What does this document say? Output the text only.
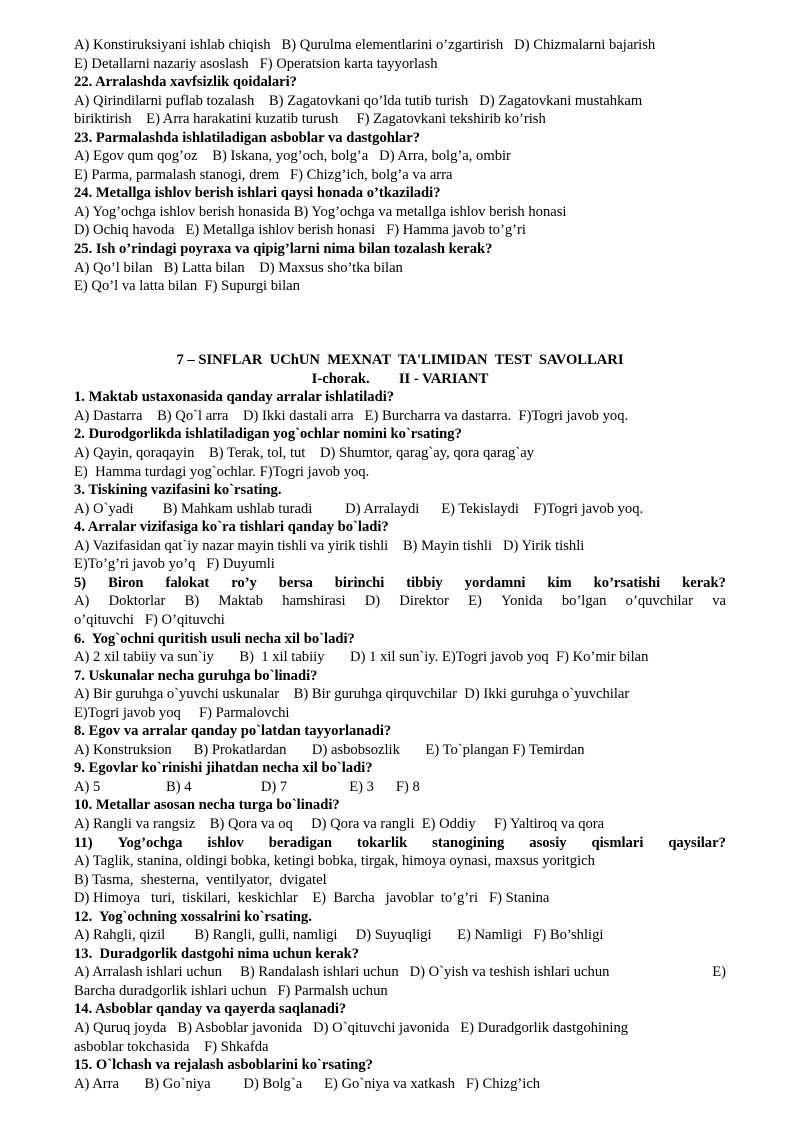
A) Konstiruksiyani ishlab chiqish   B) Qurulma elementlarini o’zgartirish   D) Chizmalarni bajarish
E) Detallarni nazariy asoslash   F) Operatsion karta tayyorlash
22. Arralashda xavfsizlik qoidalari?
A) Qirindilarni puflab tozalash    B) Zagatovkani qo’lda tutib turish   D) Zagatovkani mustahkam
biriktirish    E) Arra harakatini kuzatib turush     F) Zagatovkani tekshirib ko’rish
23. Parmalashda ishlatiladigan asboblar va dastgohlar?
A) Egov qum qog’oz    B) Iskana, yog’och, bolg’a   D) Arra, bolg’a, ombir
E) Parma, parmalash stanogi, drem   F) Chizg’ich, bolg’a va arra
24. Metallga ishlov berish ishlari qaysi honada o’tkaziladi?
A) Yog’ochga ishlov berish honasida B) Yog’ochga va metallga ishlov berish honasi
D) Ochiq havoda   E) Metallga ishlov berish honasi   F) Hamma javob to’g’ri
25. Ish o’rindagi poyraxa va qipig’larni nima bilan tozalash kerak?
A) Qo’l bilan   B) Latta bilan    D) Maxsus sho’tka bilan
E) Qo’l va latta bilan  F) Supurgi bilan
7 – SINFLAR  UChUN  MEXNAT  TA'LIMIDAN  TEST  SAVOLLARI
I-chorak.        II - VARIANT
1. Maktab ustaxonasida qanday arralar ishlatiladi?
A) Dastarra    B) Qo`l arra    D) Ikki dastali arra   E) Burcharra va dastarra.  F)Togri javob yoq.
2. Durodgorlikda ishlatiladigan yog`ochlar nomini ko`rsating?
A) Qayin, qoraqayin    B) Terak, tol, tut    D) Shumtor, qarag`ay, qora qarag`ay
E)  Hamma turdagi yog`ochlar. F)Togri javob yoq.
3. Tiskining vazifasini ko`rsating.
A) O`yadi        B) Mahkam ushlab turadi         D) Arralaydi      E) Tekislaydi    F)Togri javob yoq.
4. Arralar vizifasiga ko`ra tishlari qanday bo`ladi?
A) Vazifasidan qat`iy nazar mayin tishli va yirik tishli    B) Mayin tishli   D) Yirik tishli
E)To’g’ri javob yo’q   F) Duyumli
5) Biron falokat ro’y bersa birinchi tibbiy yordamni kim ko’rsatishi kerak?
A) Doktorlar B) Maktab hamshirasi D) Direktor E) Yonida bo’lgan o’quvchilar va
o’qituvchi   F) O’qituvchi
6.  Yog`ochni quritish usuli necha xil bo`ladi?
A) 2 xil tabiiy va sun`iy       B)  1 xil tabiiy       D) 1 xil sun`iy. E)Togri javob yoq  F) Ko’mir bilan
7. Uskunalar necha guruhga bo`linadi?
A) Bir guruhga o`yuvchi uskunalar    B) Bir guruhga qirquvchilar  D) Ikki guruhga o`yuvchilar
E)Togri javob yoq     F) Parmalovchi
8. Egov va arralar qanday po`latdan tayyorlanadi?
A) Konstruksion      B) Prokatlardan       D) asbobsozlik       E) To`plangan F) Temirdan
9. Egovlar ko`rinishi jihatdan necha xil bo`ladi?
A) 5                  B) 4                   D) 7                 E) 3      F) 8
10. Metallar asosan necha turga bo`linadi?
A) Rangli va rangsiz    B) Qora va oq     D) Qora va rangli  E) Oddiy     F) Yaltiroq va qora
11) Yog’ochga ishlov beradigan tokarlik stanogining asosiy qismlari qaysilar?
A) Taglik, stanina, oldingi bobka, ketingi bobka, tirgak, himoya oynasi, maxsus yoritgich
B) Tasma,  shesterna,  ventilyator,  dvigatel
D) Himoya   turi,  tiskilari,  keskichlar    E)  Barcha   javoblar  to’g’ri   F) Stanina
12.  Yog`ochning xossalrini ko`rsating.
A) Rahgli, qizil        B) Rangli, gulli, namligi     D) Suyuqligi       E) Namligi   F) Bo’shligi
13.  Duradgorlik dastgohi nima uchun kerak?
A) Arralash ishlari uchun     B) Randalash ishlari uchun   D) O`yish va teshish ishlari uchun	E)
Barcha duradgorlik ishlari uchun   F) Parmalsh uchun
14. Asboblar qanday va qayerda saqlanadi?
A) Quruq joyda   B) Asboblar javonida   D) O`qituvchi javonida   E) Duradgorlik dastgohining
asboblar tokchasida    F) Shkafda
15. O`lchash va rejalash asboblarini ko`rsating?
A) Arra       B) Go`niya         D) Bolg`a      E) Go`niya va xatkash   F) Chizg’ich
